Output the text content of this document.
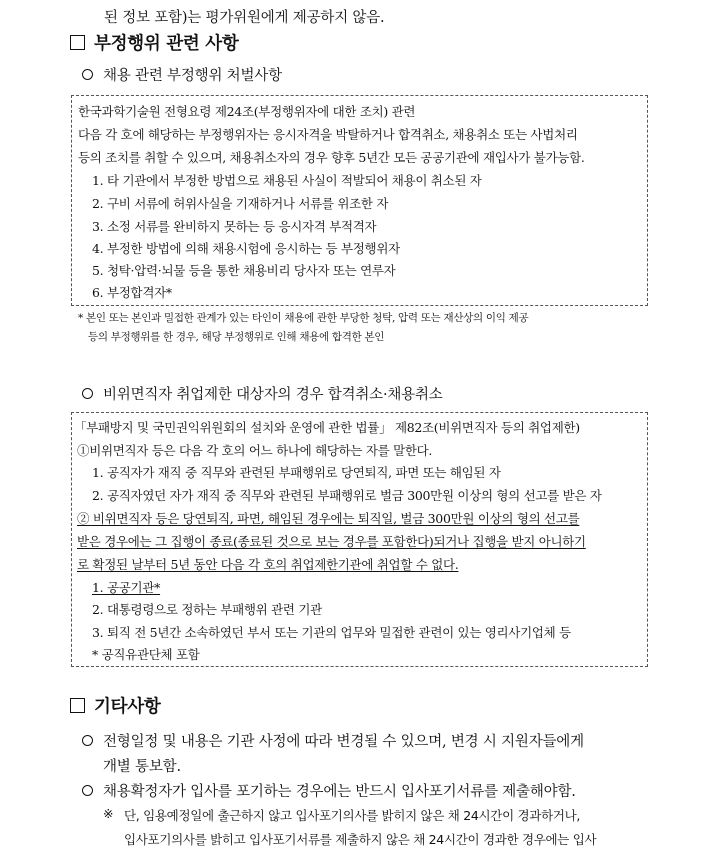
된 정보 포함)는 평가위원에게 제공하지 않음.
부정행위 관련 사항
채용 관련 부정행위 처벌사항
한국과학기술원 전형요령 제24조(부정행위자에 대한 조치) 관련
다음 각 호에 해당하는 부정행위자는 응시자격을 박탈하거나 합격취소, 채용취소 또는 사법처리
등의 조치를 취할 수 있으며, 채용취소자의 경우 향후 5년간 모든 공공기관에 재입사가 불가능함.
1. 타 기관에서 부정한 방법으로 채용된 사실이 적발되어 채용이 취소된 자
2. 구비 서류에 허위사실을 기재하거나 서류를 위조한 자
3. 소정 서류를 완비하지 못하는 등 응시자격 부적격자
4. 부정한 방법에 의해 채용시험에 응시하는 등 부정행위자
5. 청탁·압력·뇌물 등을 통한 채용비리 당사자 또는 연루자
6. 부정합격자*
* 본인 또는 본인과 밀접한 관계가 있는 타인이 채용에 관한 부당한 청탁, 압력 또는 재산상의 이익 제공
등의 부정행위를 한 경우, 해당 부정행위로 인해 채용에 합격한 본인
비위면직자 취업제한 대상자의 경우 합격취소·채용취소
「부패방지 및 국민권익위원회의 설치와 운영에 관한 법률」 제82조(비위면직자 등의 취업제한)
①비위면직자 등은 다음 각 호의 어느 하나에 해당하는 자를 말한다.
1. 공직자가 재직 중 직무와 관련된 부패행위로 당연퇴직, 파면 또는 해임된 자
2. 공직자였던 자가 재직 중 직무와 관련된 부패행위로 벌금 300만원 이상의 형의 선고를 받은 자
② 비위면직자 등은 당연퇴직, 파면, 해임된 경우에는 퇴직일, 벌금 300만원 이상의 형의 선고를
받은 경우에는 그 집행이 종료(종료된 것으로 보는 경우를 포함한다)되거나 집행을 받지 아니하기
로 확정된 날부터 5년 동안 다음 각 호의 취업제한기관에 취업할 수 없다.
1. 공공기관*
2. 대통령령으로 정하는 부패행위 관련 기관
3. 퇴직 전 5년간 소속하였던 부서 또는 기관의 업무와 밀접한 관련이 있는 영리사기업체 등
* 공직유관단체 포함
기타사항
전형일정 및 내용은 기관 사정에 따라 변경될 수 있으며, 변경 시 지원자들에게
개별 통보함.
채용확정자가 입사를 포기하는 경우에는 반드시 입사포기서류를 제출해야함.
※ 단, 임용예정일에 출근하지 않고 입사포기의사를 밝히지 않은 채 24시간이 경과하거나,
입사포기의사를 밝히고 입사포기서류를 제출하지 않은 채 24시간이 경과한 경우에는 입사
